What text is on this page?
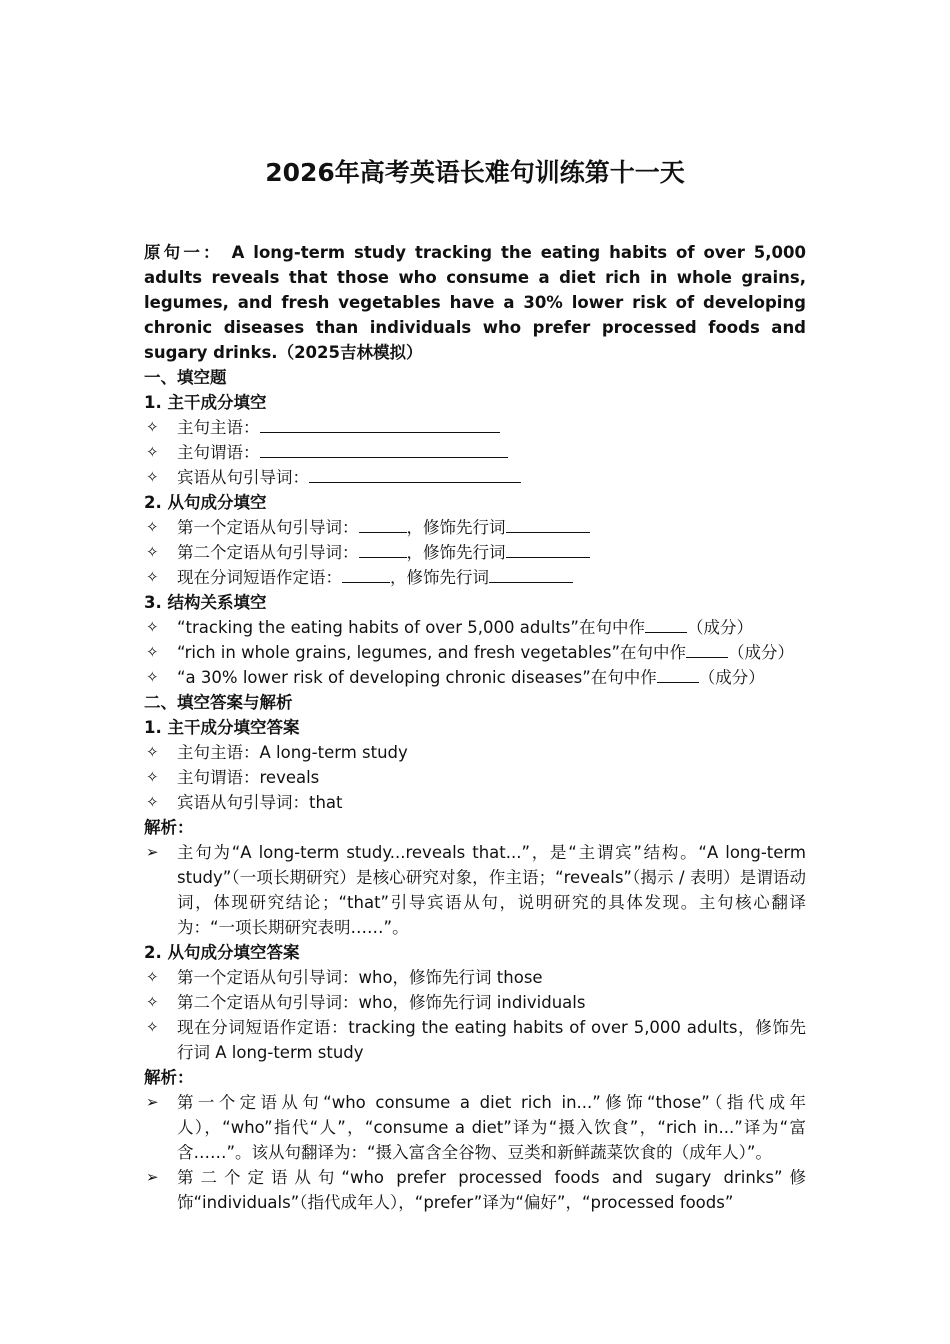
2026年高考英语长难句训练第十一天

原句一： A long-term study tracking the eating habits of over 5,000 adults reveals that those who consume a diet rich in whole grains, legumes, and fresh vegetables have a 30% lower risk of developing chronic diseases than individuals who prefer processed foods and sugary drinks.（2025吉林模拟）

一、填空题

1. 主干成分填空

✧	主句主语：
✧	主句谓语：
✧	宾语从句引导词：

2. 从句成分填空

✧	第一个定语从句引导词：	，修饰先行词
✧	第二个定语从句引导词：	，修饰先行词
✧	现在分词短语作定语：	，修饰先行词

3. 结构关系填空

✧	“tracking the eating habits of over 5,000 adults”在句中作	（成分）
✧	“rich in whole grains, legumes, and fresh vegetables”在句中作	（成分）
✧	“a 30% lower risk of developing chronic diseases”在句中作	（成分）

二、填空答案与解析

1. 主干成分填空答案

✧	主句主语：A long-term study
✧	主句谓语：reveals
✧	宾语从句引导词：that

解析：

➢	主句为“A long-term study...reveals that...”，是“主谓宾”结构。“A long-term study”（一项长期研究）是核心研究对象，作主语；“reveals”（揭示 / 表明）是谓语动词，体现研究结论；“that”引导宾语从句，说明研究的具体发现。主句核心翻译为：“一项长期研究表明……”。

2. 从句成分填空答案

✧	第一个定语从句引导词：who，修饰先行词 those
✧	第二个定语从句引导词：who，修饰先行词 individuals
✧	现在分词短语作定语：tracking the eating habits of over 5,000 adults，修饰先行词 A long-term study

解析：

➢	第一个定语从句“who consume a diet rich in...”修饰“those”（指代成年人），“who”指代“人”，“consume a diet”译为“摄入饮食”，“rich in...”译为“富含……”。该从句翻译为：“摄入富含全谷物、豆类和新鲜蔬菜饮食的（成年人）”。
➢	第二个定语从句“who prefer processed foods and sugary drinks”修饰“individuals”（指代成年人），“prefer”译为“偏好”，“processed foods”
